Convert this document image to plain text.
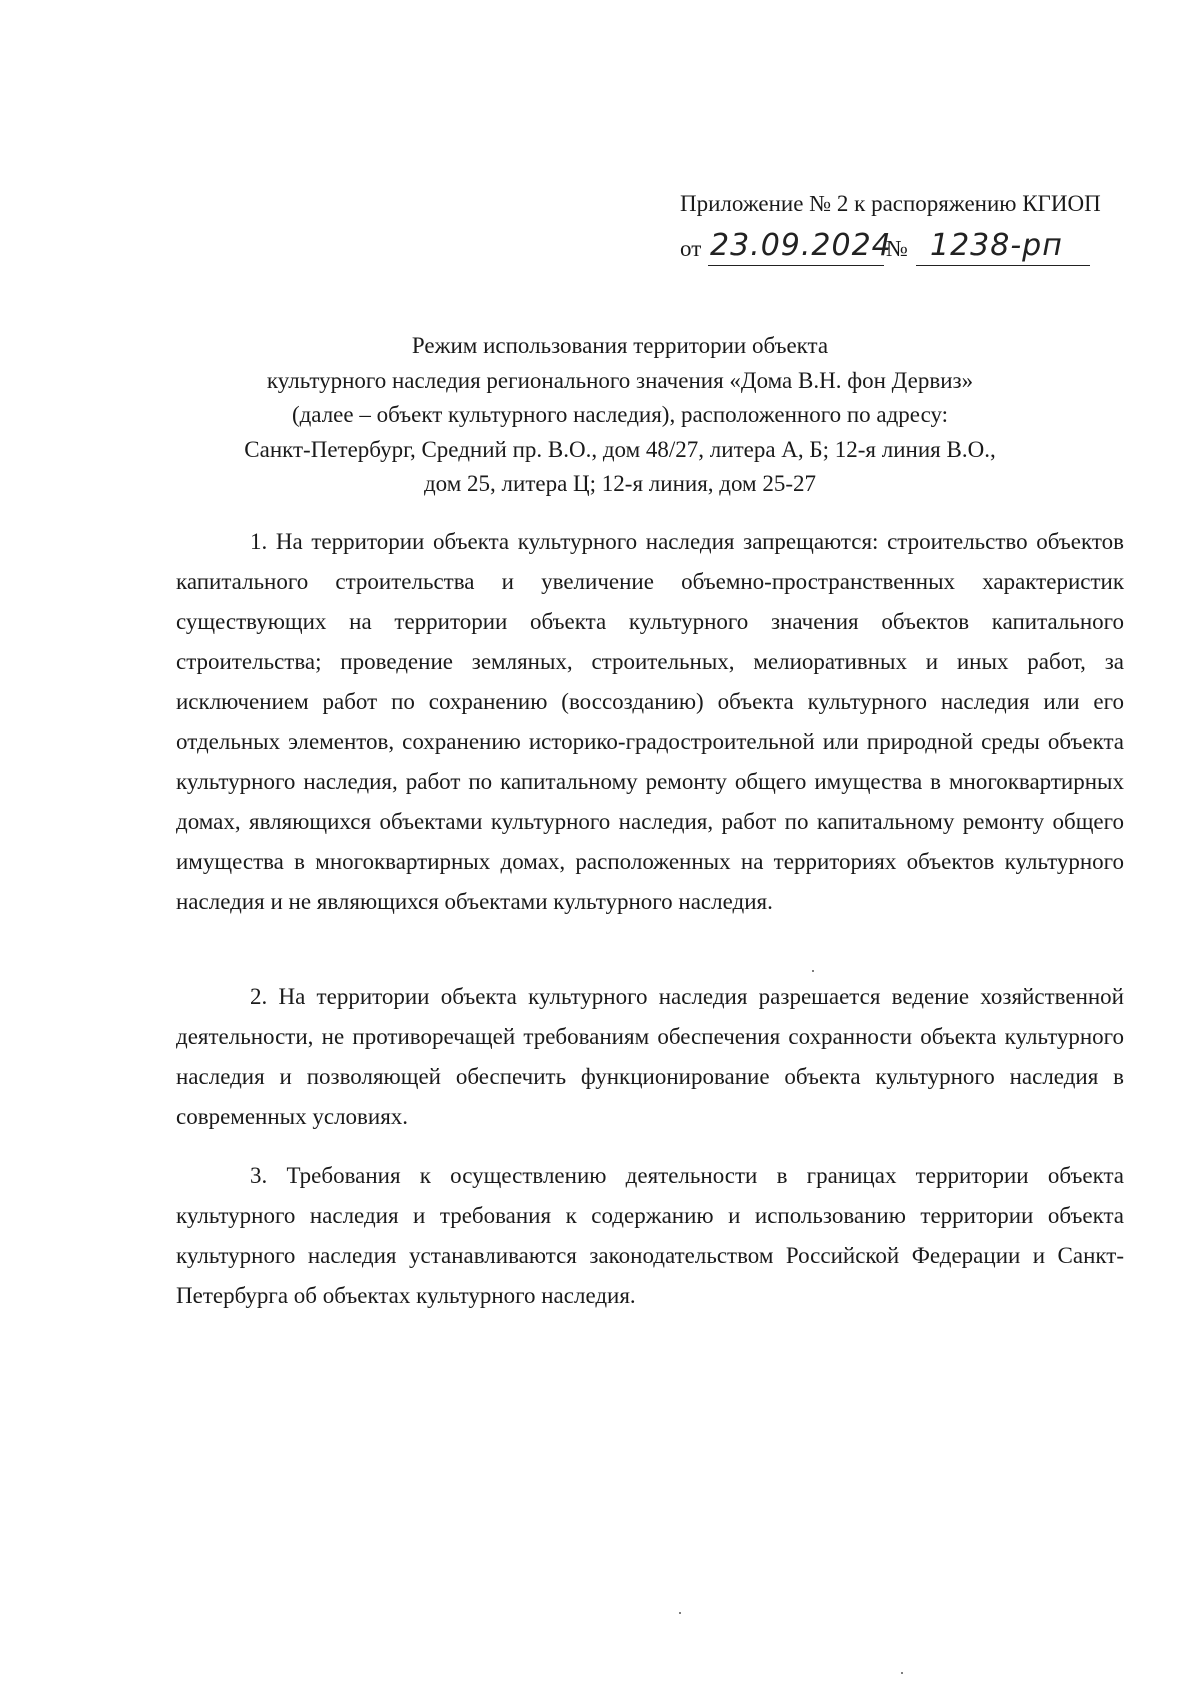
Приложение № 2 к распоряжению КГИОП
от 23.09.2024
№ 1238-рп
Режим использования территории объекта
культурного наследия регионального значения «Дома В.Н. фон Дервиз»
(далее – объект культурного наследия), расположенного по адресу:
Санкт-Петербург, Средний пр. В.О., дом 48/27, литера А, Б; 12-я линия В.О.,
дом 25, литера Ц; 12-я линия, дом 25-27

1. На территории объекта культурного наследия запрещаются: строительство объектов капитального строительства и увеличение объемно-пространственных характеристик существующих на территории объекта культурного значения объектов капитального строительства; проведение земляных, строительных, мелиоративных и иных работ, за исключением работ по сохранению (воссозданию) объекта культурного наследия или его отдельных элементов, сохранению историко-градостроительной или природной среды объекта культурного наследия, работ по капитальному ремонту общего имущества в многоквартирных домах, являющихся объектами культурного наследия, работ по капитальному ремонту общего имущества в многоквартирных домах, расположенных на территориях объектов культурного наследия и не являющихся объектами культурного наследия.

2. На территории объекта культурного наследия разрешается ведение хозяйственной деятельности, не противоречащей требованиям обеспечения сохранности объекта культурного наследия и позволяющей обеспечить функционирование объекта культурного наследия в современных условиях.

3. Требования к осуществлению деятельности в границах территории объекта культурного наследия и требования к содержанию и использованию территории объекта культурного наследия устанавливаются законодательством Российской Федерации и Санкт-Петербурга об объектах культурного наследия.
